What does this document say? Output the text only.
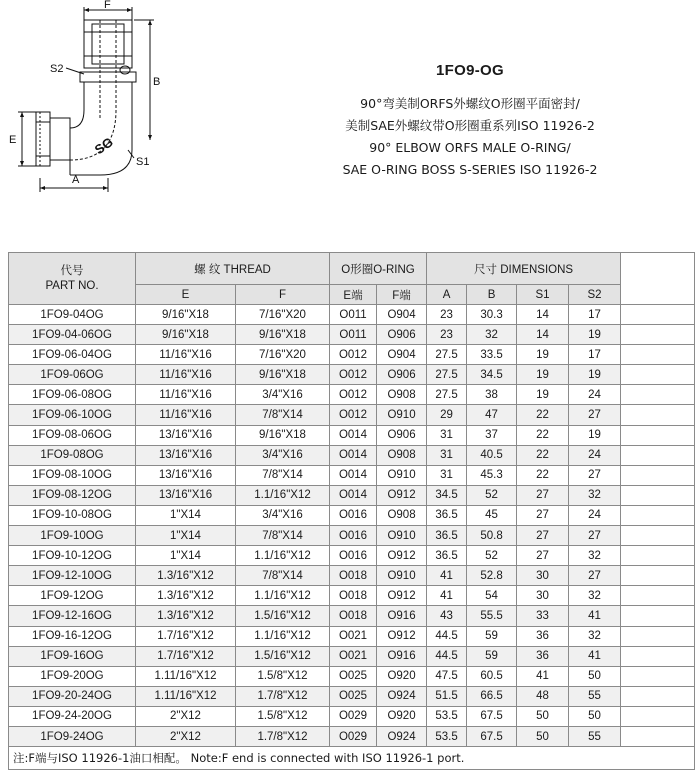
F
B
S2
E
S1
A
SG
1FO9-OG
90°弯美制ORFS外螺纹O形圈平面密封/
美制SAE外螺纹带O形圈重系列ISO 11926-2
90° ELBOW ORFS MALE O-RING/
SAE O-RING BOSS S-SERIES ISO 11926-2
代号
PART NO.	螺 纹 THREAD		O形圈O-RING		尺寸 DIMENSIONS				
	E	F	E端	F端	A	B	S1	S2	
1FO9-04OG	9/16"X18	7/16"X20	O011	O904	23	30.3	14	17	
1FO9-04-06OG	9/16"X18	9/16"X18	O011	O906	23	32	14	19	
1FO9-06-04OG	11/16"X16	7/16"X20	O012	O904	27.5	33.5	19	17	
1FO9-06OG	11/16"X16	9/16"X18	O012	O906	27.5	34.5	19	19	
1FO9-06-08OG	11/16"X16	3/4"X16	O012	O908	27.5	38	19	24	
1FO9-06-10OG	11/16"X16	7/8"X14	O012	O910	29	47	22	27	
1FO9-08-06OG	13/16"X16	9/16"X18	O014	O906	31	37	22	19	
1FO9-08OG	13/16"X16	3/4"X16	O014	O908	31	40.5	22	24	
1FO9-08-10OG	13/16"X16	7/8"X14	O014	O910	31	45.3	22	27	
1FO9-08-12OG	13/16"X16	1.1/16"X12	O014	O912	34.5	52	27	32	
1FO9-10-08OG	1"X14	3/4"X16	O016	O908	36.5	45	27	24	
1FO9-10OG	1"X14	7/8"X14	O016	O910	36.5	50.8	27	27	
1FO9-10-12OG	1"X14	1.1/16"X12	O016	O912	36.5	52	27	32	
1FO9-12-10OG	1.3/16"X12	7/8"X14	O018	O910	41	52.8	30	27	
1FO9-12OG	1.3/16"X12	1.1/16"X12	O018	O912	41	54	30	32	
1FO9-12-16OG	1.3/16"X12	1.5/16"X12	O018	O916	43	55.5	33	41	
1FO9-16-12OG	1.7/16"X12	1.1/16"X12	O021	O912	44.5	59	36	32	
1FO9-16OG	1.7/16"X12	1.5/16"X12	O021	O916	44.5	59	36	41	
1FO9-20OG	1.11/16"X12	1.5/8"X12	O025	O920	47.5	60.5	41	50	
1FO9-20-24OG	1.11/16"X12	1.7/8"X12	O025	O924	51.5	66.5	48	55	
1FO9-24-20OG	2"X12	1.5/8"X12	O029	O920	53.5	67.5	50	50	
1FO9-24OG	2"X12	1.7/8"X12	O029	O924	53.5	67.5	50	55	
注:F端与ISO 11926-1油口相配。 Note:F end is connected with ISO 11926-1 port.									
